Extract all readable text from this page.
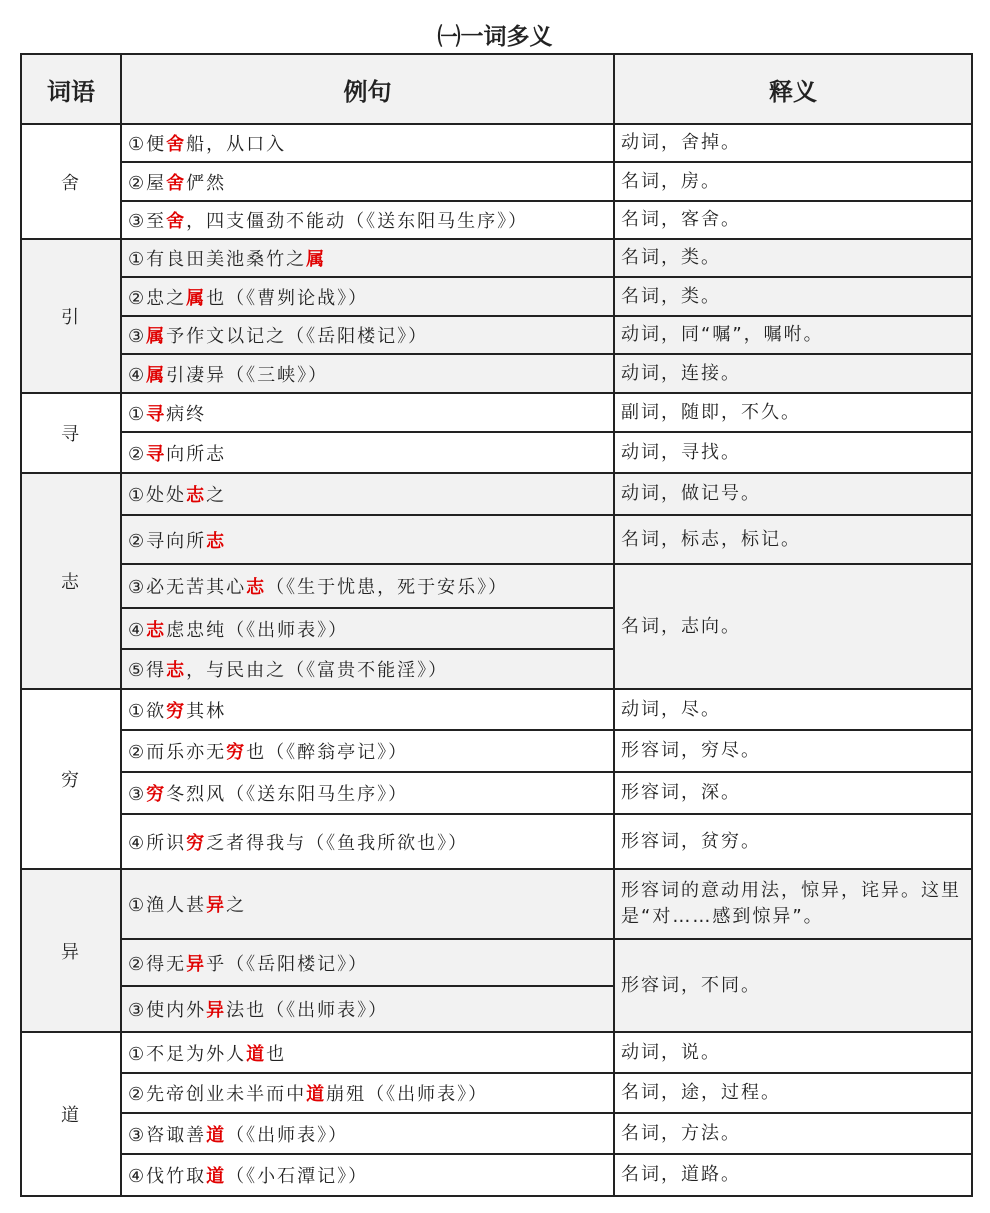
㈠一词多义
词语	例句	释义
舍	①便舍船，从口入	动词，舍掉。
	②屋舍俨然	名词，房。
	③至舍，四支僵劲不能动（《送东阳马生序》）	名词，客舍。
引	①有良田美池桑竹之属	名词，类。
	②忠之属也（《曹刿论战》）	名词，类。
	③属予作文以记之（《岳阳楼记》）	动词，同“嘱”，嘱咐。
	④属引凄异（《三峡》）	动词，连接。
寻	①寻病终	副词，随即，不久。
	②寻向所志	动词，寻找。
志	①处处志之	动词，做记号。
	②寻向所志	名词，标志，标记。
	③必无苦其心志（《生于忧患，死于安乐》）	名词，志向。
	④志虑忠纯（《出师表》）	
	⑤得志，与民由之（《富贵不能淫》）	
穷	①欲穷其林	动词，尽。
	②而乐亦无穷也（《醉翁亭记》）	形容词，穷尽。
	③穷冬烈风（《送东阳马生序》）	形容词，深。
	④所识穷乏者得我与（《鱼我所欲也》）	形容词，贫穷。
异	①渔人甚异之	形容词的意动用法，惊异，诧异。这里是“对……感到惊异”。
	②得无异乎（《岳阳楼记》）	形容词，不同。
	③使内外异法也（《出师表》）	
道	①不足为外人道也	动词，说。
	②先帝创业未半而中道崩殂（《出师表》）	名词，途，过程。
	③咨诹善道（《出师表》）	名词，方法。
	④伐竹取道（《小石潭记》）	名词，道路。
